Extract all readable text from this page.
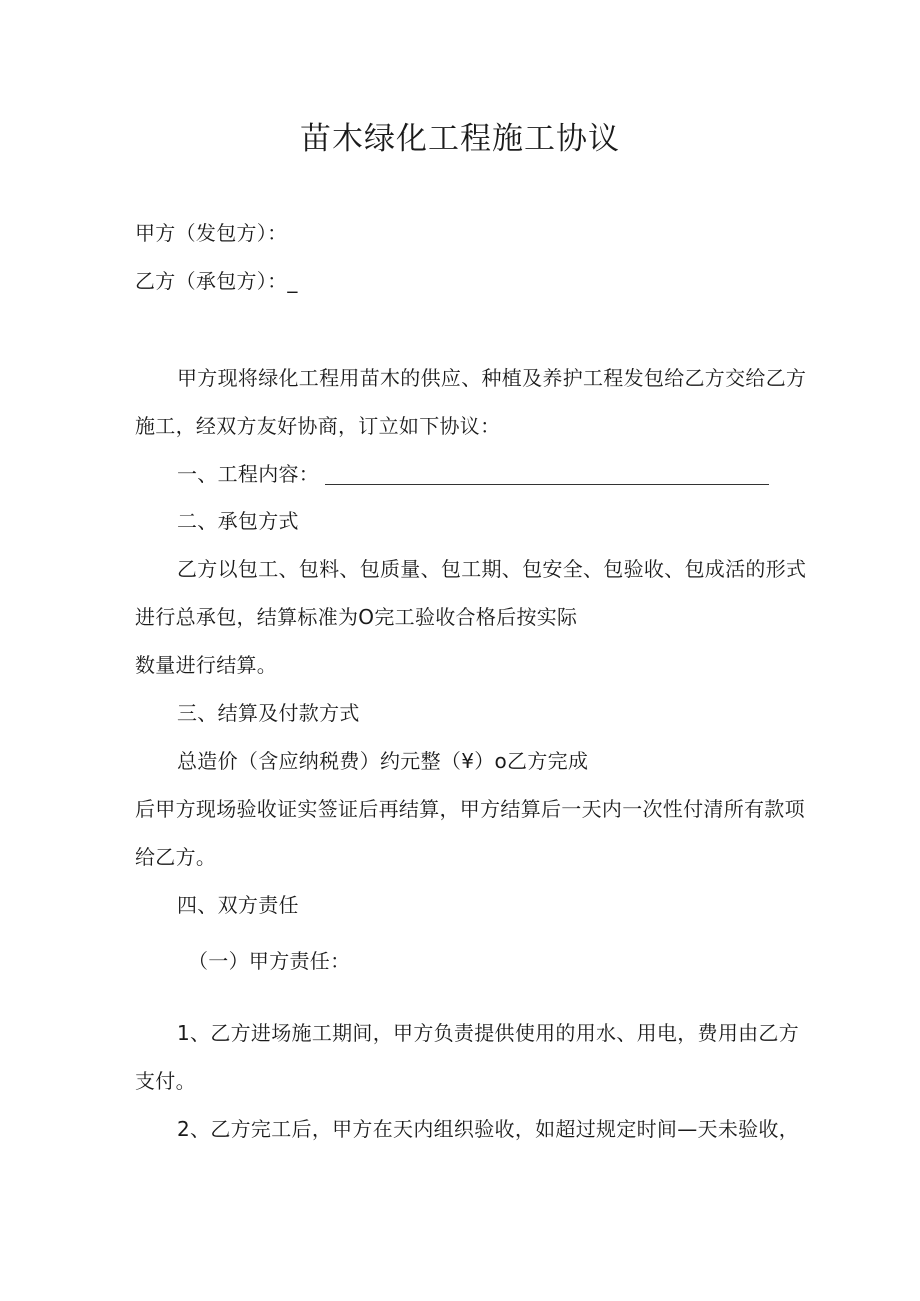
苗木绿化工程施工协议

甲方（发包方）：

乙方（承包方）：_

甲方现将绿化工程用苗木的供应、种植及养护工程发包给乙方交给乙方

施工，经双方友好协商，订立如下协议：

一、工程内容：

二、承包方式

乙方以包工、包料、包质量、包工期、包安全、包验收、包成活的形式

进行总承包，结算标准为O完工验收合格后按实际

数量进行结算。

三、结算及付款方式

总造价（含应纳税费）约元整（¥）o乙方完成

后甲方现场验收证实签证后再结算，甲方结算后一天内一次性付清所有款项

给乙方。

四、双方责任

（一）甲方责任：

1、乙方进场施工期间，甲方负责提供使用的用水、用电，费用由乙方

支付。

2、乙方完工后，甲方在天内组织验收，如超过规定时间—天未验收，
